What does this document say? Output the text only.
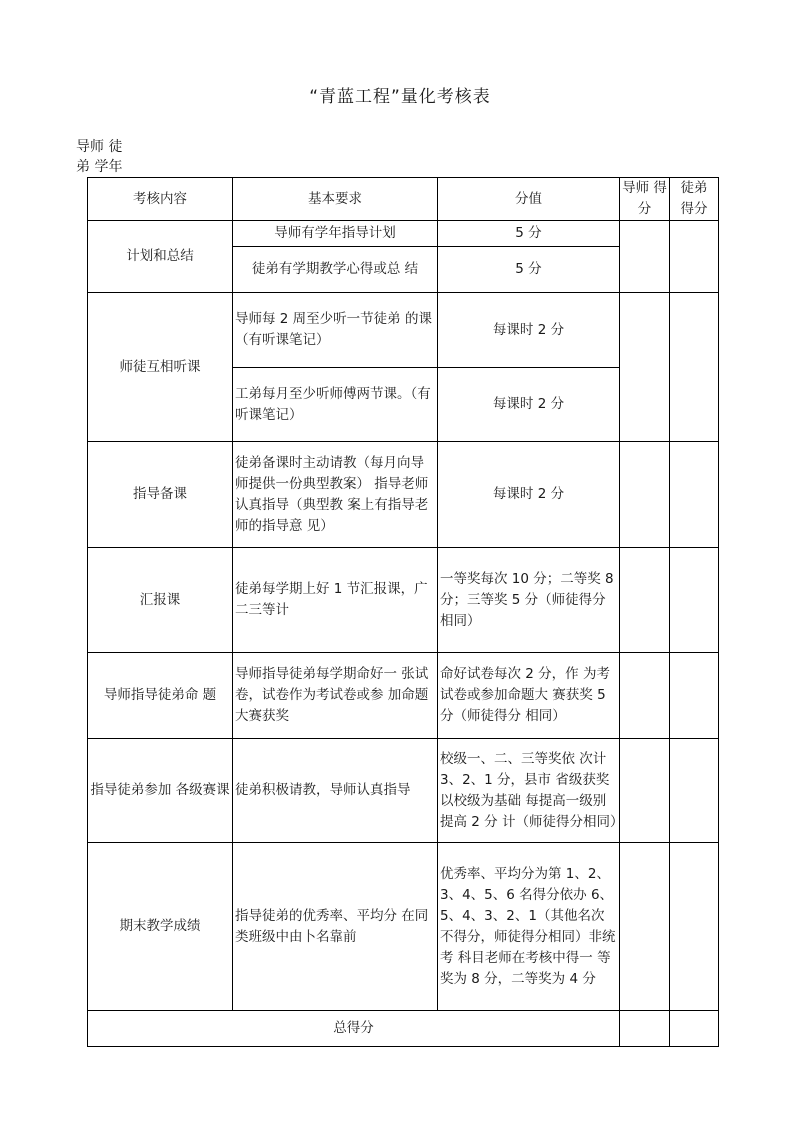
“青蓝工程”量化考核表
导师 徒
弟 学年
考核内容	基本要求	分值	导师 得分	徒弟 得分
计划和总结	导师有学年指导计划	5 分		
	徒弟有学期教学心得或总 结	5 分		
师徒互相听课	导师每 2 周至少听一节徒弟 的课（有听课笔记）	每课时 2 分		
	工弟每月至少听师傅两节课。（有听课笔记）	每课时 2 分		
指导备课	徒弟备课时主动请教（每月向导师提供一份典型教案） 指导老师认真指导（典型教 案上有指导老师的指导意 见）	每课时 2 分		
汇报课	徒弟每学期上好 1 节汇报课，广二三等计	一等奖每次 10 分；二等奖 8 分；三等奖 5 分（师徒得分相同）		
导师指导徒弟命 题	导师指导徒弟每学期命好一 张试卷，试卷作为考试卷或参 加命题大赛获奖	命好试卷每次 2 分，作 为考试卷或参加命题大 赛获奖 5 分（师徒得分 相同）		
指导徒弟参加 各级赛课	徒弟积极请教，导师认真指导	校级一、二、三等奖依 次计 3、2、1 分，县市 省级获奖以校级为基础 每提高一级别提高 2 分 计（师徒得分相同）		
期末教学成绩	指导徒弟的优秀率、平均分 在同类班级中由卜名靠前	优秀率、平均分为第 1、2、3、4、5、6 名得分依办 6、5、4、3、2、1（其他名次不得分，师徒得分相同）非统考 科目老师在考核中得一 等奖为 8 分，二等奖为 4 分		
总得分				
